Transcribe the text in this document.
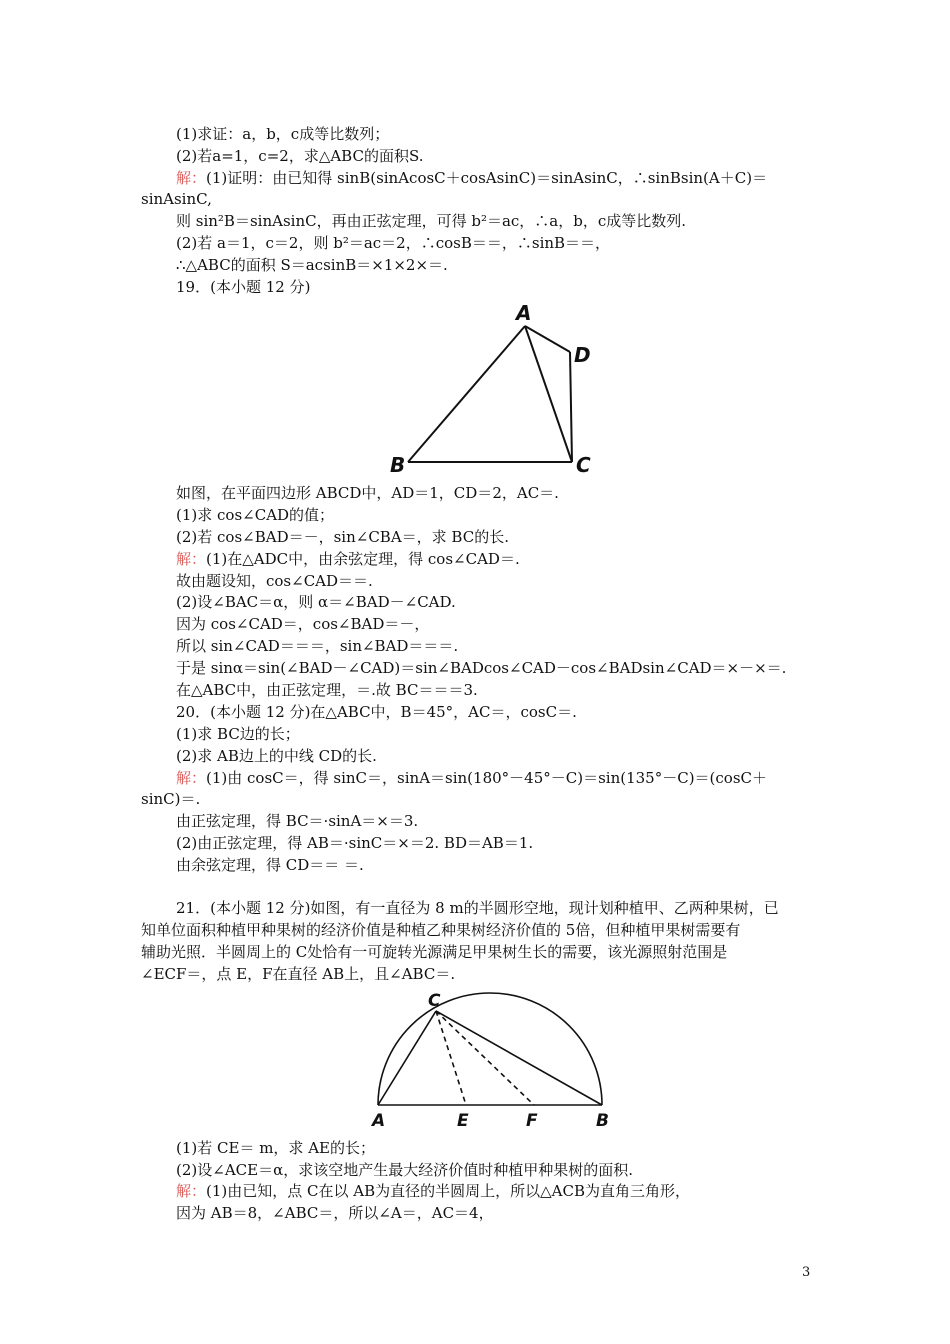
(1)求证：a，b，c成等比数列；
(2)若a=1，c=2，求△ABC的面积S.
解：(1)证明：由已知得 sinB(sinAcosC＋cosAsinC)＝sinAsinC，∴sinBsin(A＋C)＝
sinAsinC,
则 sin²B＝sinAsinC，再由正弦定理，可得 b²＝ac，∴a，b，c成等比数列.
(2)若 a＝1，c＝2，则 b²＝ac＝2，∴cosB＝＝，∴sinB＝＝，
∴△ABC的面积 S＝acsinB＝×1×2×＝.
19．(本小题 12 分)
A
B	C
D
如图，在平面四边形 ABCD中，AD＝1，CD＝2，AC＝.
(1)求 cos∠CAD的值；
(2)若 cos∠BAD＝－，sin∠CBA＝，求 BC的长.
解：(1)在△ADC中，由余弦定理，得 cos∠CAD＝.
故由题设知，cos∠CAD＝＝.
(2)设∠BAC＝α，则 α＝∠BAD－∠CAD.
因为 cos∠CAD＝，cos∠BAD＝－，
所以 sin∠CAD＝＝＝，sin∠BAD＝＝＝.
于是 sinα＝sin(∠BAD－∠CAD)＝sin∠BADcos∠CAD－cos∠BADsin∠CAD＝×－×＝.
在△ABC中，由正弦定理，＝.故 BC＝＝＝3.
20．(本小题 12 分)在△ABC中，B＝45°，AC＝，cosC＝.
(1)求 BC边的长；
(2)求 AB边上的中线 CD的长.
解：(1)由 cosC＝，得 sinC＝，sinA＝sin(180°－45°－C)＝sin(135°－C)＝(cosC＋
sinC)＝.
由正弦定理，得 BC＝·sinA＝×＝3.
(2)由正弦定理，得 AB＝·sinC＝×＝2. BD＝AB＝1.
由余弦定理，得 CD＝＝ ＝.
21．(本小题 12 分)如图，有一直径为 8 m的半圆形空地，现计划种植甲、乙两种果树，已
知单位面积种植甲种果树的经济价值是种植乙种果树经济价值的 5倍，但种植甲果树需要有
辅助光照．半圆周上的 C处恰有一可旋转光源满足甲果树生长的需要，该光源照射范围是
∠ECF＝，点 E，F在直径 AB上，且∠ABC＝.
C
A	E	F	B
(1)若 CE＝ m，求 AE的长；
(2)设∠ACE＝α，求该空地产生最大经济价值时种植甲种果树的面积.
解：(1)由已知，点 C在以 AB为直径的半圆周上，所以△ACB为直角三角形，
因为 AB＝8，∠ABC＝，所以∠A＝，AC＝4，
3
